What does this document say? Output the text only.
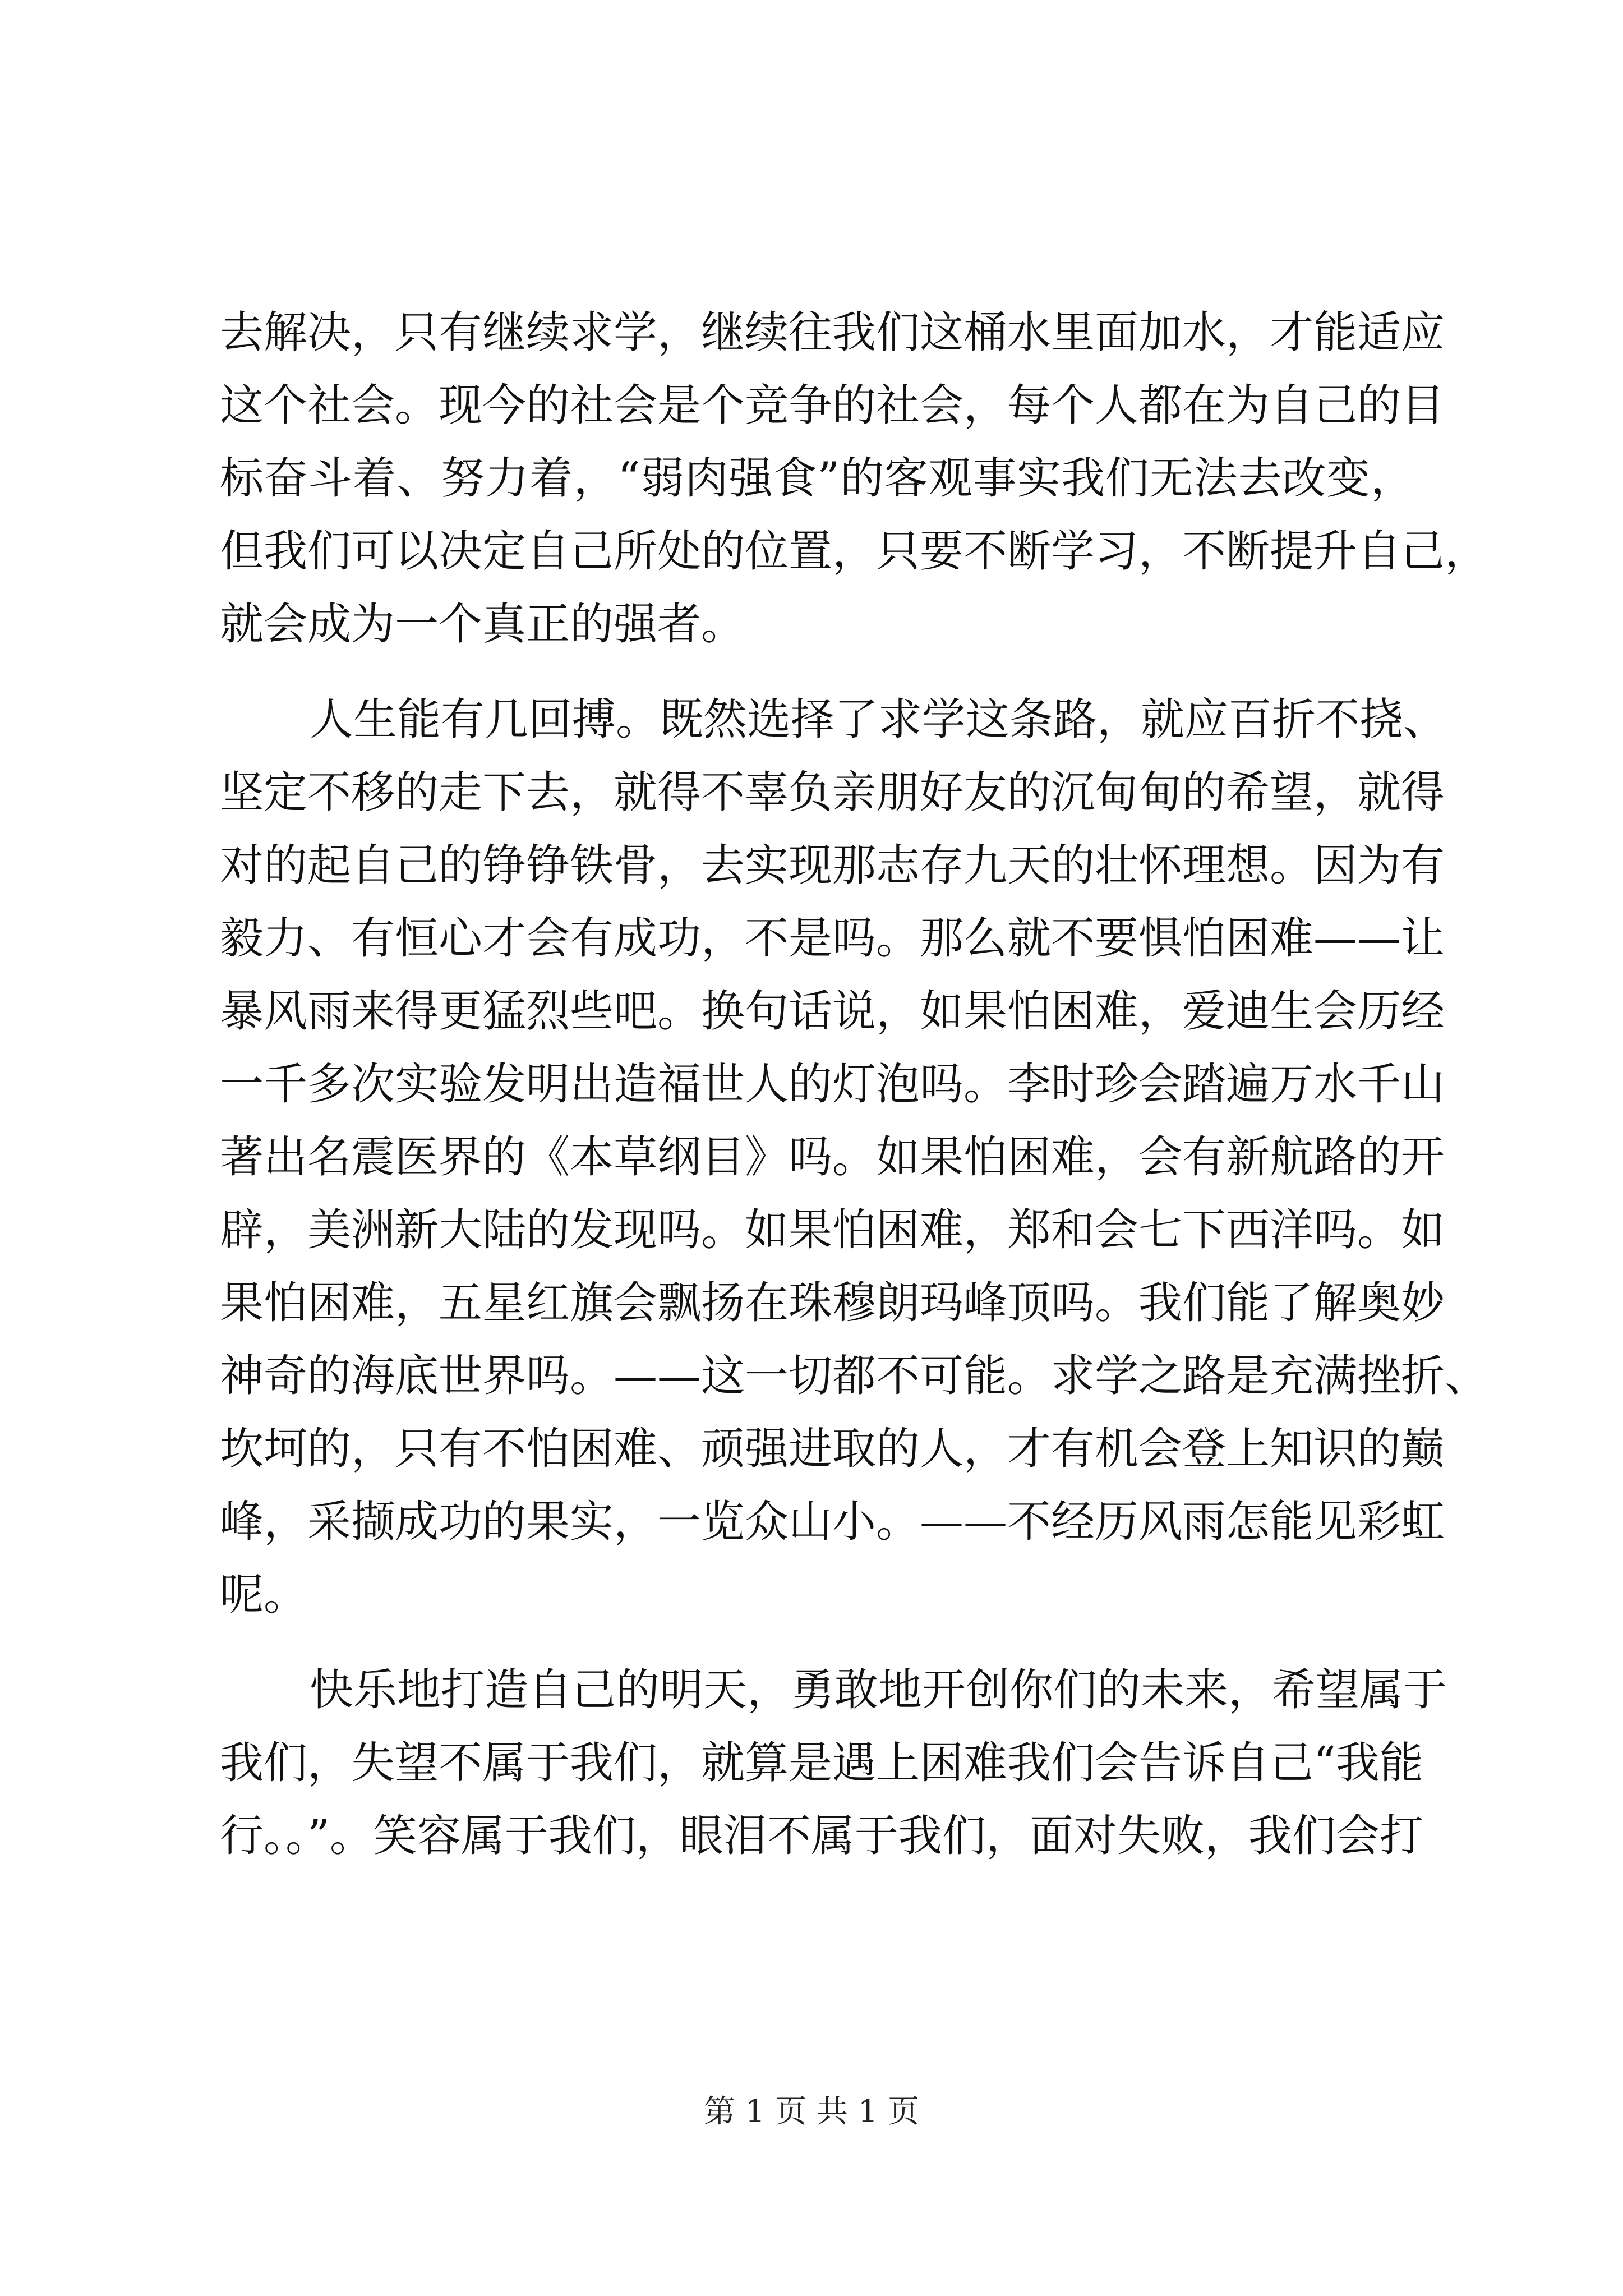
去解决，只有继续求学，继续往我们这桶水里面加水，才能适应
这个社会。现今的社会是个竞争的社会，每个人都在为自己的目
标奋斗着、努力着，“弱肉强食”的客观事实我们无法去改变，
但我们可以决定自己所处的位置，只要不断学习，不断提升自己，
就会成为一个真正的强者。
人生能有几回搏。既然选择了求学这条路，就应百折不挠、
坚定不移的走下去，就得不辜负亲朋好友的沉甸甸的希望，就得
对的起自己的铮铮铁骨，去实现那志存九天的壮怀理想。因为有
毅力、有恒心才会有成功，不是吗。那么就不要惧怕困难——让
暴风雨来得更猛烈些吧。换句话说，如果怕困难，爱迪生会历经
一千多次实验发明出造福世人的灯泡吗。李时珍会踏遍万水千山
著出名震医界的《本草纲目》吗。如果怕困难，会有新航路的开
辟，美洲新大陆的发现吗。如果怕困难，郑和会七下西洋吗。如
果怕困难，五星红旗会飘扬在珠穆朗玛峰顶吗。我们能了解奥妙
神奇的海底世界吗。——这一切都不可能。求学之路是充满挫折、
坎坷的，只有不怕困难、顽强进取的人，才有机会登上知识的巅
峰，采撷成功的果实，一览众山小。——不经历风雨怎能见彩虹
呢。
快乐地打造自己的明天，勇敢地开创你们的未来，希望属于
我们，失望不属于我们，就算是遇上困难我们会告诉自己“我能
行。。”。笑容属于我们，眼泪不属于我们，面对失败，我们会打
第 1 页 共 1 页
